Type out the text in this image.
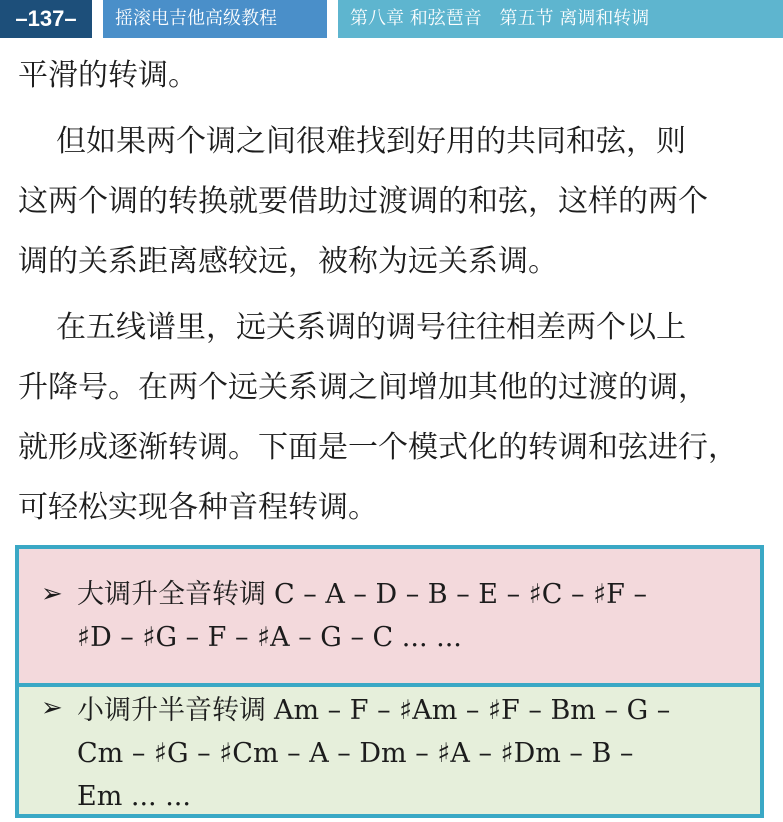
–137–	摇滚电吉他高级教程	第八章 和弦琶音 第五节 离调和转调
平滑的转调。
但如果两个调之间很难找到好用的共同和弦，则
这两个调的转换就要借助过渡调的和弦，这样的两个
调的关系距离感较远，被称为远关系调。
在五线谱里，远关系调的调号往往相差两个以上
升降号。在两个远关系调之间增加其他的过渡的调，
就形成逐渐转调。下面是一个模式化的转调和弦进行，
可轻松实现各种音程转调。
➢ 大调升全音转调 C – A – D – B – E – ♯C – ♯F –
♯D – ♯G – F – ♯A – G – C ... ...
➢ 小调升半音转调 Am – F – ♯Am – ♯F – Bm – G –
Cm – ♯G – ♯Cm – A – Dm – ♯A – ♯Dm – B –
Em ... ...
